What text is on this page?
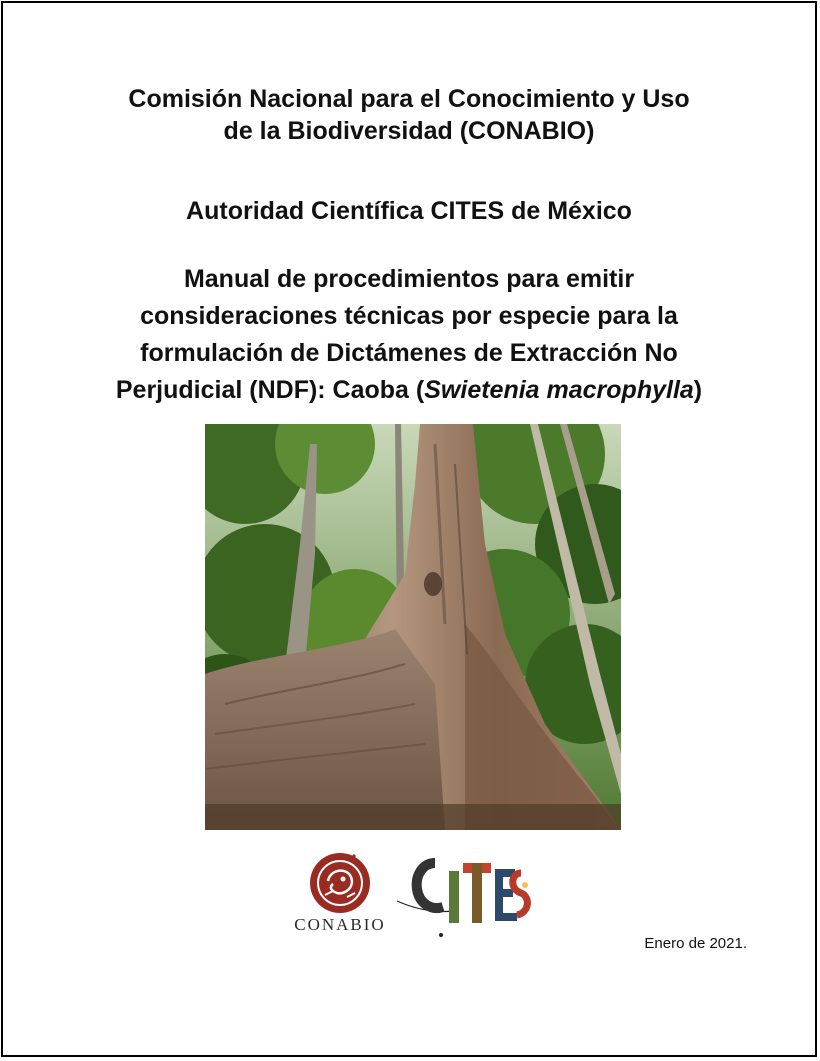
Comisión Nacional para el Conocimiento y Uso
de la Biodiversidad (CONABIO)
Autoridad Científica CITES de México
Manual de procedimientos para emitir
consideraciones técnicas por especie para la
formulación de Dictámenes de Extracción No
Perjudicial (NDF): Caoba (Swietenia macrophylla)
CONABIO
Enero de 2021.
